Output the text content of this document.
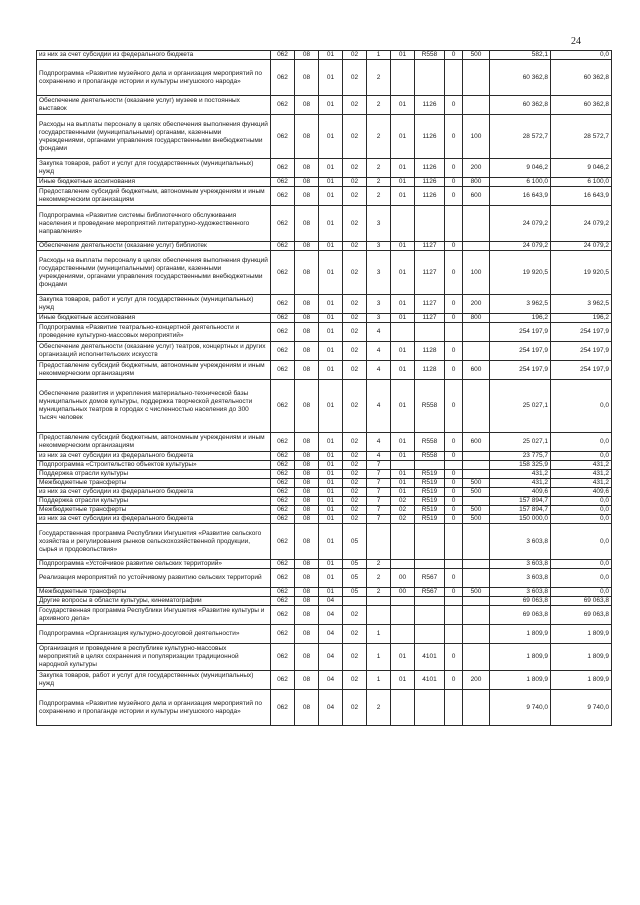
24
из них за счет субсидии из федерального бюджета	062	08	01	02	1	01	R558	0	500	582,1	0,0
Подпрограмма «Развитие музейного дела и организация мероприятий по сохранению и пропаганде истории и культуры ингушского народа»	062	08	01	02	2					60 362,8	60 362,8
Обеспечение деятельности (оказание услуг) музеев и постоянных выставок	062	08	01	02	2	01	1126	0		60 362,8	60 362,8
Расходы на выплаты персоналу в целях обеспечения выполнения функций государственными (муниципальными) органами, казенными учреждениями, органами управления государственными внебюджетными фондами	062	08	01	02	2	01	1126	0	100	28 572,7	28 572,7
Закупка товаров, работ и услуг для государственных (муниципальных) нужд	062	08	01	02	2	01	1126	0	200	9 046,2	9 046,2
Иные бюджетные ассигнования	062	08	01	02	2	01	1126	0	800	6 100,0	6 100,0
Предоставление субсидий бюджетным, автономным учреждениям и иным некоммерческим организациям	062	08	01	02	2	01	1126	0	600	16 643,9	16 643,9
Подпрограмма «Развитие системы библиотечного обслуживания населения и проведение мероприятий литературно-художественного направления»	062	08	01	02	3					24 079,2	24 079,2
Обеспечение деятельности (оказание услуг) библиотек	062	08	01	02	3	01	1127	0		24 079,2	24 079,2
Расходы на выплаты персоналу в целях обеспечения выполнения функций государственными (муниципальными) органами, казенными учреждениями, органами управления государственными внебюджетными фондами	062	08	01	02	3	01	1127	0	100	19 920,5	19 920,5
Закупка товаров, работ и услуг для государственных (муниципальных) нужд	062	08	01	02	3	01	1127	0	200	3 962,5	3 962,5
Иные бюджетные ассигнования	062	08	01	02	3	01	1127	0	800	196,2	196,2
Подпрограмма «Развитие театрально-концертной деятельности и проведение культурно-массовых мероприятий»	062	08	01	02	4					254 197,9	254 197,9
Обеспечение деятельности (оказание услуг) театров, концертных и других организаций исполнительских искусств	062	08	01	02	4	01	1128	0		254 197,9	254 197,9
Предоставление субсидий бюджетным, автономным учреждениям и иным некоммерческим организациям	062	08	01	02	4	01	1128	0	600	254 197,9	254 197,9
Обеспечение развития и укрепления материально-технической базы муниципальных домов культуры, поддержка творческой деятельности муниципальных театров в городах с численностью населения до 300 тысяч человек	062	08	01	02	4	01	R558	0		25 027,1	0,0
Предоставление субсидий бюджетным, автономным учреждениям и иным некоммерческим организациям	062	08	01	02	4	01	R558	0	600	25 027,1	0,0
из них за счет субсидии из федерального бюджета	062	08	01	02	4	01	R558	0		23 775,7	0,0
Подпрограмма «Строительство объектов культуры»	062	08	01	02	7					158 325,9	431,2
Поддержка отрасли культуры	062	08	01	02	7	01	R519	0		431,2	431,2
Межбюджетные трансферты	062	08	01	02	7	01	R519	0	500	431,2	431,2
из них за счет субсидии из федерального бюджета	062	08	01	02	7	01	R519	0	500	409,6	409,6
Поддержка отрасли культуры	062	08	01	02	7	02	R519	0		157 894,7	0,0
Межбюджетные трансферты	062	08	01	02	7	02	R519	0	500	157 894,7	0,0
из них за счет субсидии из федерального бюджета	062	08	01	02	7	02	R519	0	500	150 000,0	0,0
Государственная программа Республики Ингушетия «Развитие сельского хозяйства и регулирования рынков сельскохозяйственной продукции, сырья и продовольствия»	062	08	01	05						3 603,8	0,0
Подпрограмма «Устойчивое развитие сельских территорий»	062	08	01	05	2					3 603,8	0,0
Реализация мероприятий по устойчивому развитию сельских территорий	062	08	01	05	2	00	R567	0		3 603,8	0,0
Межбюджетные трансферты	062	08	01	05	2	00	R567	0	500	3 603,8	0,0
Другие вопросы в области культуры, кинематографии	062	08	04							69 063,8	69 063,8
Государственная программа Республики Ингушетия «Развитие культуры и архивного дела»	062	08	04	02						69 063,8	69 063,8
Подпрограмма «Организация культурно-досуговой деятельности»	062	08	04	02	1					1 809,9	1 809,9
Организация и проведение в республике культурно-массовых мероприятий в целях сохранения и популяризации традиционной народной культуры	062	08	04	02	1	01	4101	0		1 809,9	1 809,9
Закупка товаров, работ и услуг для государственных (муниципальных) нужд	062	08	04	02	1	01	4101	0	200	1 809,9	1 809,9
Подпрограмма «Развитие музейного дела и организация мероприятий по сохранению и пропаганде истории и культуры ингушского народа»	062	08	04	02	2					9 740,0	9 740,0
